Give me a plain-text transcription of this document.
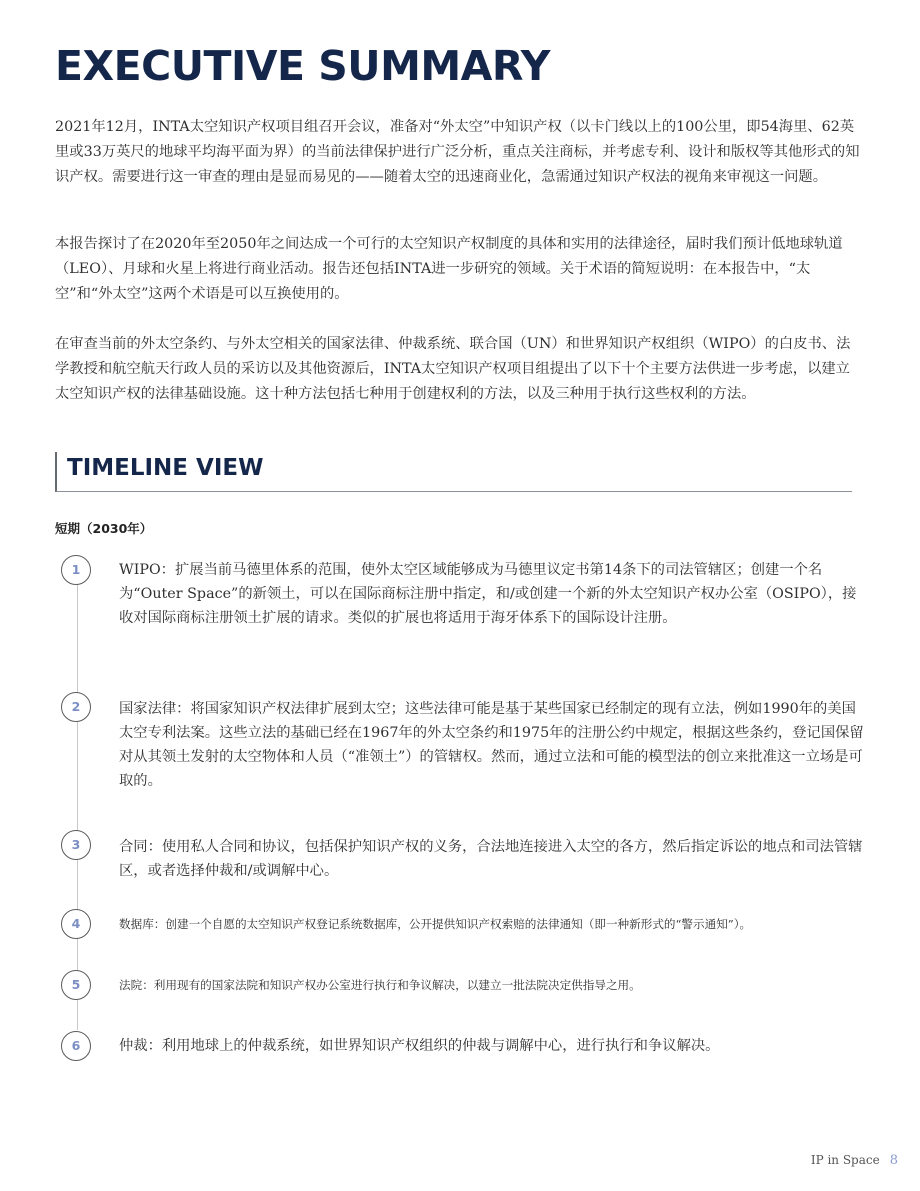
EXECUTIVE SUMMARY

2021年12月，INTA太空知识产权项目组召开会议，准备对“外太空”中知识产权（以卡门线以上的100公里，即54海里、62英里或33万英尺的地球平均海平面为界）的当前法律保护进行广泛分析，重点关注商标，并考虑专利、设计和版权等其他形式的知识产权。需要进行这一审查的理由是显而易见的——随着太空的迅速商业化，急需通过知识产权法的视角来审视这一问题。

本报告探讨了在2020年至2050年之间达成一个可行的太空知识产权制度的具体和实用的法律途径，届时我们预计低地球轨道（LEO）、月球和火星上将进行商业活动。报告还包括INTA进一步研究的领域。关于术语的简短说明：在本报告中，“太空”和“外太空”这两个术语是可以互换使用的。

在审查当前的外太空条约、与外太空相关的国家法律、仲裁系统、联合国（UN）和世界知识产权组织（WIPO）的白皮书、法学教授和航空航天行政人员的采访以及其他资源后，INTA太空知识产权项目组提出了以下十个主要方法供进一步考虑，以建立太空知识产权的法律基础设施。这十种方法包括七种用于创建权利的方法，以及三种用于执行这些权利的方法。

TIMELINE VIEW
短期（2030年）
1	WIPO：扩展当前马德里体系的范围，使外太空区域能够成为马德里议定书第14条下的司法管辖区；创建一个名为“Outer Space”的新领土，可以在国际商标注册中指定，和/或创建一个新的外太空知识产权办公室（OSIPO），接收对国际商标注册领土扩展的请求。类似的扩展也将适用于海牙体系下的国际设计注册。

2	国家法律：将国家知识产权法律扩展到太空；这些法律可能是基于某些国家已经制定的现有立法，例如1990年的美国太空专利法案。这些立法的基础已经在1967年的外太空条约和1975年的注册公约中规定，根据这些条约，登记国保留对从其领土发射的太空物体和人员（“准领土”）的管辖权。然而，通过立法和可能的模型法的创立来批准这一立场是可取的。

3	合同：使用私人合同和协议，包括保护知识产权的义务，合法地连接进入太空的各方，然后指定诉讼的地点和司法管辖区，或者选择仲裁和/或调解中心。

4	数据库：创建一个自愿的太空知识产权登记系统数据库，公开提供知识产权索赔的法律通知（即一种新形式的“警示通知”）。

5	法院：利用现有的国家法院和知识产权办公室进行执行和争议解决，以建立一批法院决定供指导之用。

6	仲裁：利用地球上的仲裁系统，如世界知识产权组织的仲裁与调解中心，进行执行和争议解决。

IP in Space 8
